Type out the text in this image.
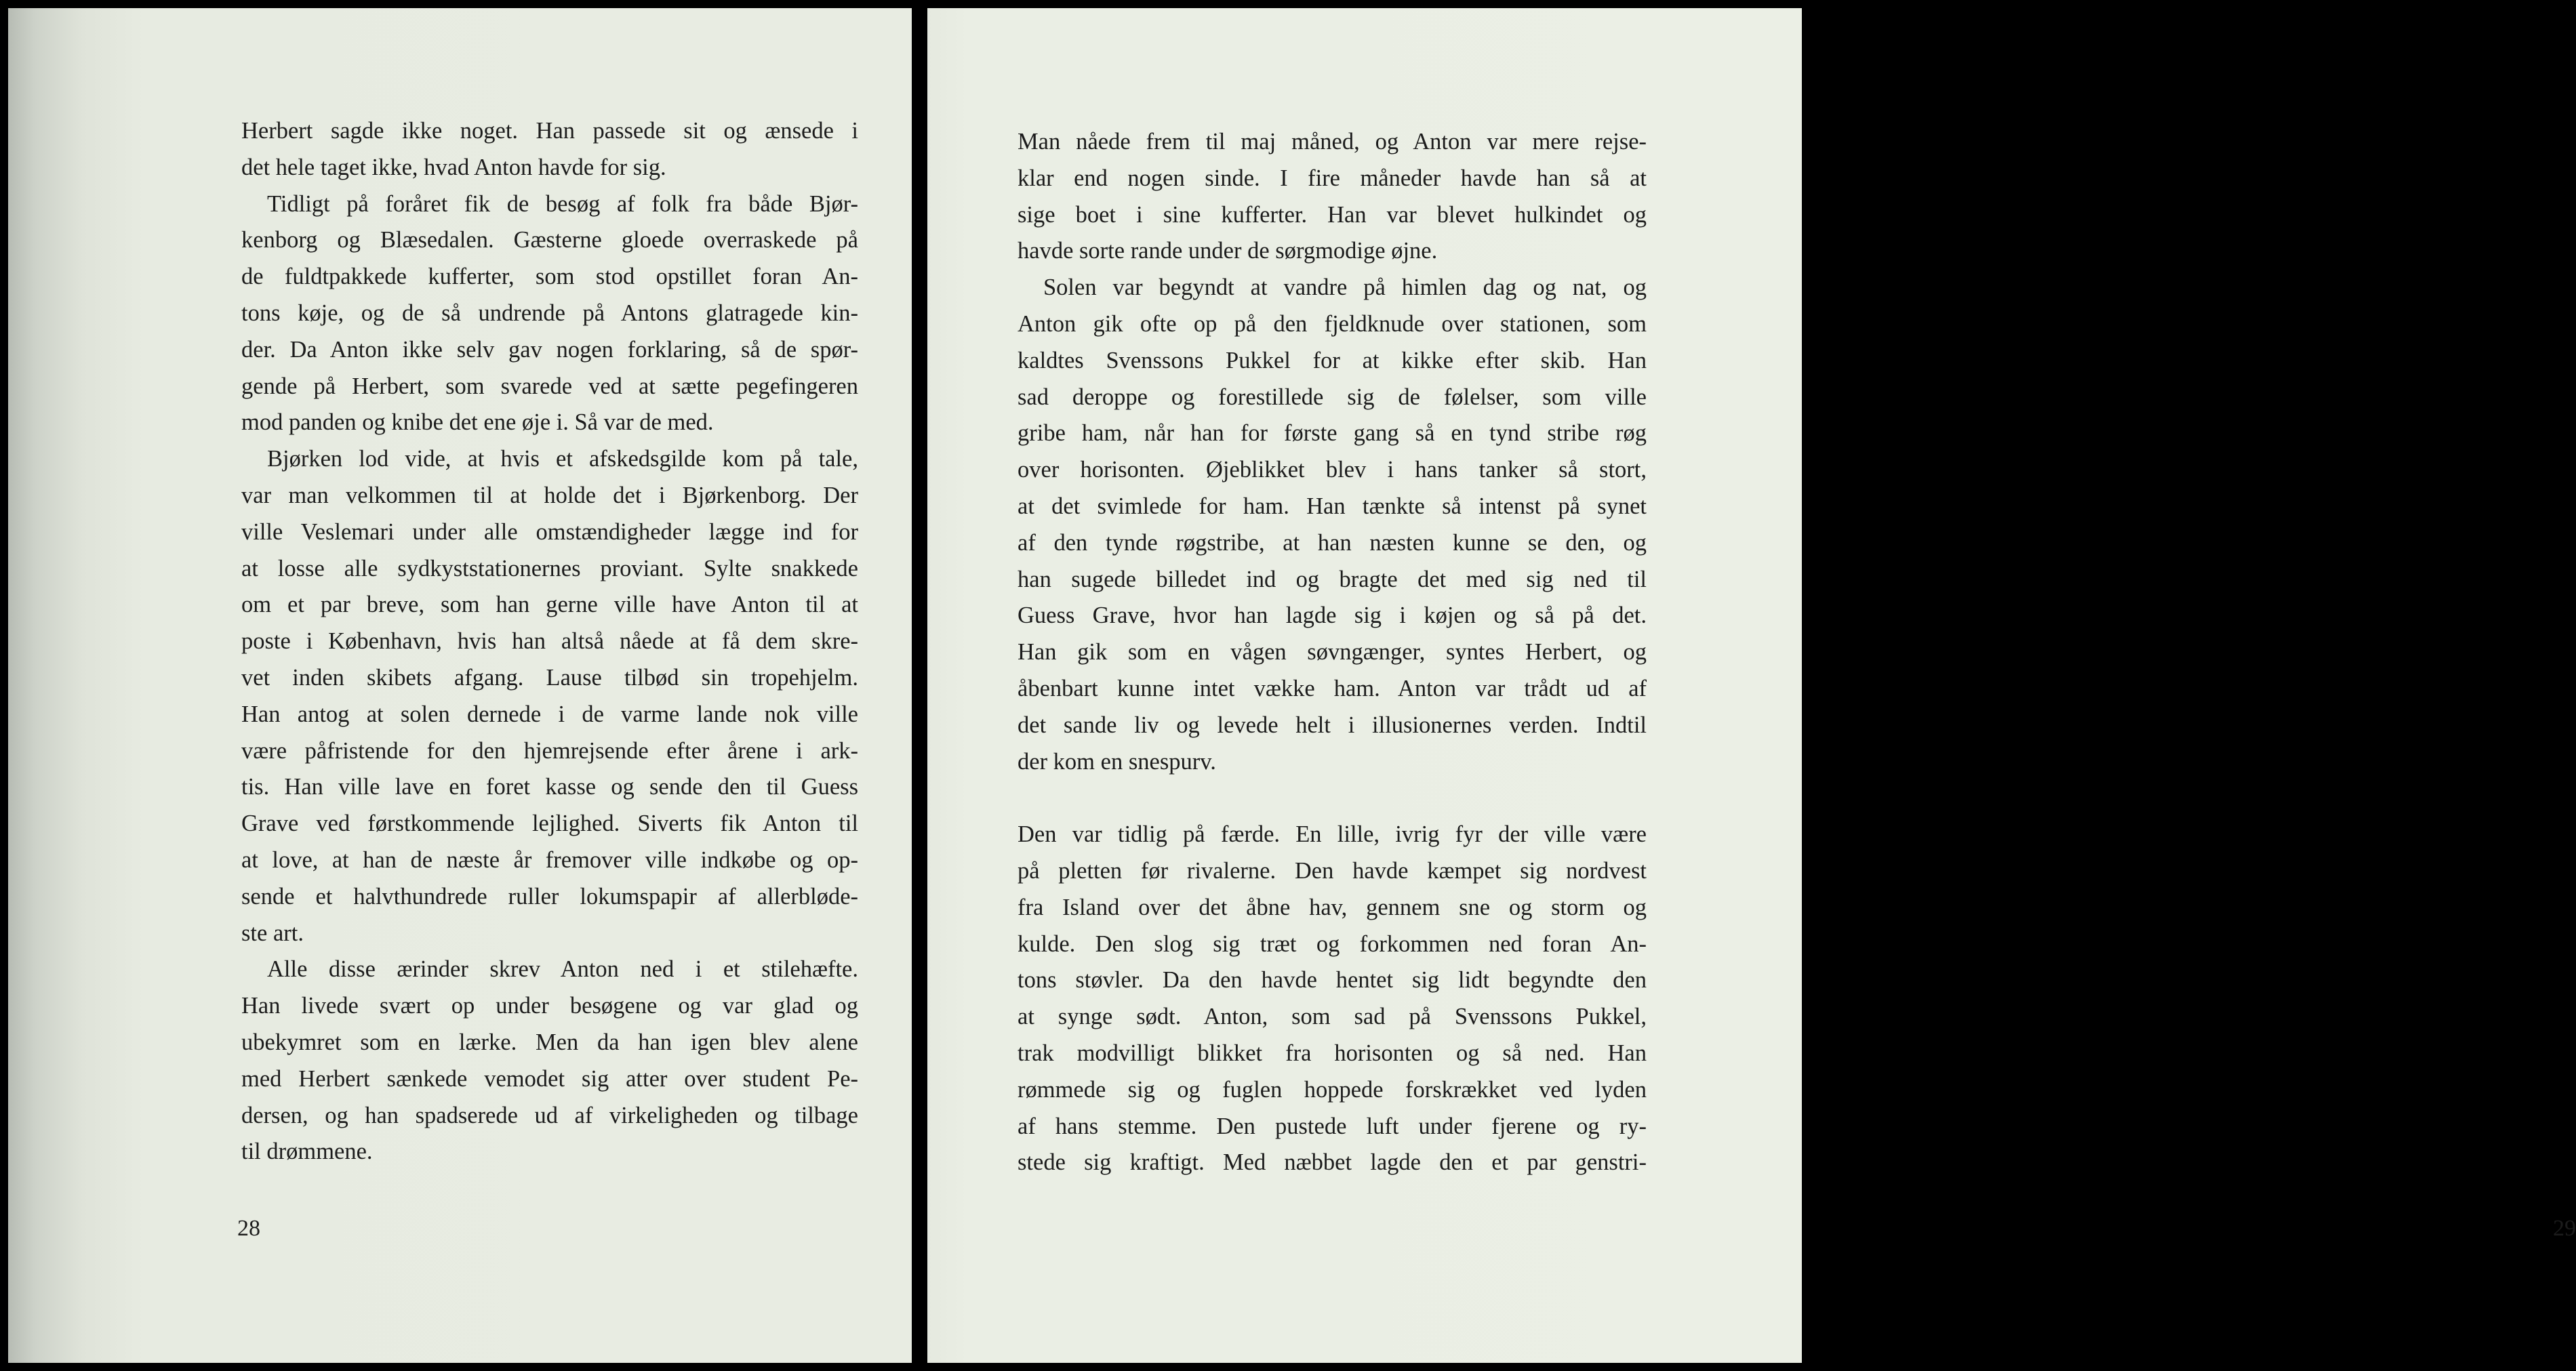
Herbert sagde ikke noget. Han passede sit og ænsede i
det hele taget ikke, hvad Anton havde for sig.
Tidligt på foråret fik de besøg af folk fra både Bjør-
kenborg og Blæsedalen. Gæsterne gloede overraskede på
de fuldtpakkede kufferter, som stod opstillet foran An-
tons køje, og de så undrende på Antons glatragede kin-
der. Da Anton ikke selv gav nogen forklaring, så de spør-
gende på Herbert, som svarede ved at sætte pegefingeren
mod panden og knibe det ene øje i. Så var de med.
Bjørken lod vide, at hvis et afskedsgilde kom på tale,
var man velkommen til at holde det i Bjørkenborg. Der
ville Veslemari under alle omstændigheder lægge ind for
at losse alle sydkyststationernes proviant. Sylte snakkede
om et par breve, som han gerne ville have Anton til at
poste i København, hvis han altså nåede at få dem skre-
vet inden skibets afgang. Lause tilbød sin tropehjelm.
Han antog at solen dernede i de varme lande nok ville
være påfristende for den hjemrejsende efter årene i ark-
tis. Han ville lave en foret kasse og sende den til Guess
Grave ved førstkommende lejlighed. Siverts fik Anton til
at love, at han de næste år fremover ville indkøbe og op-
sende et halvthundrede ruller lokumspapir af allerbløde-
ste art.
Alle disse ærinder skrev Anton ned i et stilehæfte.
Han livede svært op under besøgene og var glad og
ubekymret som en lærke. Men da han igen blev alene
med Herbert sænkede vemodet sig atter over student Pe-
dersen, og han spadserede ud af virkeligheden og tilbage
til drømmene.
28
Man nåede frem til maj måned, og Anton var mere rejse-
klar end nogen sinde. I fire måneder havde han så at
sige boet i sine kufferter. Han var blevet hulkindet og
havde sorte rande under de sørgmodige øjne.
Solen var begyndt at vandre på himlen dag og nat, og
Anton gik ofte op på den fjeldknude over stationen, som
kaldtes Svenssons Pukkel for at kikke efter skib. Han
sad deroppe og forestillede sig de følelser, som ville
gribe ham, når han for første gang så en tynd stribe røg
over horisonten. Øjeblikket blev i hans tanker så stort,
at det svimlede for ham. Han tænkte så intenst på synet
af den tynde røgstribe, at han næsten kunne se den, og
han sugede billedet ind og bragte det med sig ned til
Guess Grave, hvor han lagde sig i køjen og så på det.
Han gik som en vågen søvngænger, syntes Herbert, og
åbenbart kunne intet vække ham. Anton var trådt ud af
det sande liv og levede helt i illusionernes verden. Indtil
der kom en snespurv.
Den var tidlig på færde. En lille, ivrig fyr der ville være
på pletten før rivalerne. Den havde kæmpet sig nordvest
fra Island over det åbne hav, gennem sne og storm og
kulde. Den slog sig træt og forkommen ned foran An-
tons støvler. Da den havde hentet sig lidt begyndte den
at synge sødt. Anton, som sad på Svenssons Pukkel,
trak modvilligt blikket fra horisonten og så ned. Han
rømmede sig og fuglen hoppede forskrækket ved lyden
af hans stemme. Den pustede luft under fjerene og ry-
stede sig kraftigt. Med næbbet lagde den et par genstri-
29
